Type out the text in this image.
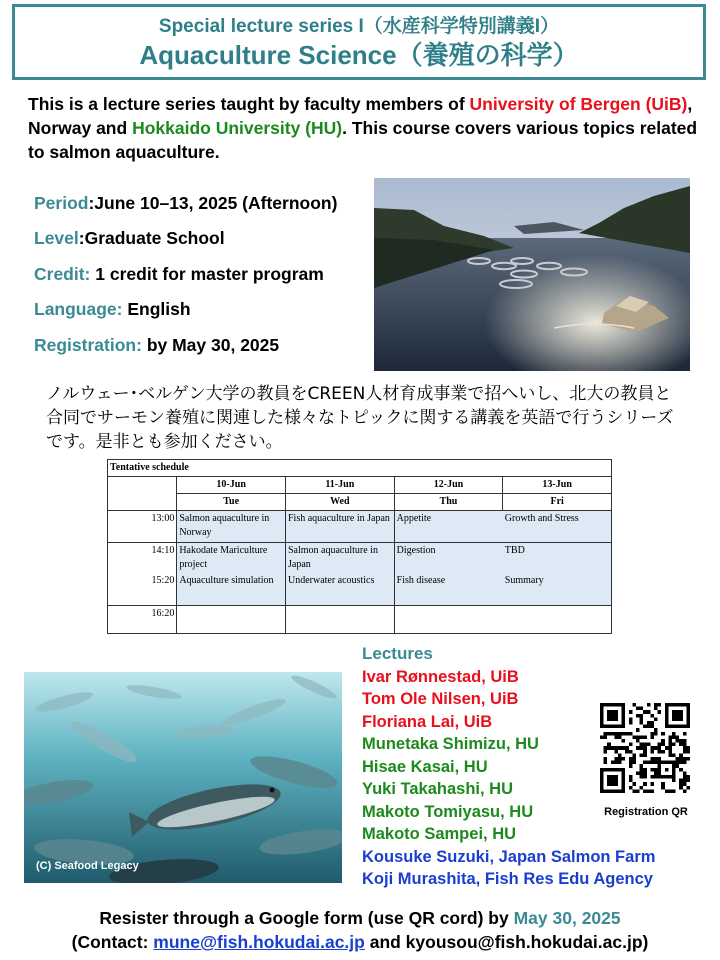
Special lecture series I（水産科学特別講義I）
Aquaculture Science（養殖の科学）
This is a lecture series taught by faculty members of University of Bergen (UiB), Norway and Hokkaido University (HU). This course covers various topics related to salmon aquaculture.
Period:June 10–13, 2025 (Afternoon)
Level:Graduate School
Credit: 1 credit for master program
Language: English
Registration: by May 30, 2025
ノルウェー･ベルゲン大学の教員をCREEN人材育成事業で招へいし、北大の教員と合同でサーモン養殖に関連した様々なトピックに関する講義を英語で行うシリーズです。是非とも参加ください。
Tentative schedule				
	10-Jun	11-Jun	12-Jun	13-Jun
	Tue	Wed	Thu	Fri
13:00	Salmon aquaculture in Norway	Fish aquaculture in Japan	Appetite	Growth and Stress
14:10	Hakodate Mariculture project	Salmon aquaculture in Japan	Digestion	TBD
15:20	Aquaculture simulation	Underwater acoustics	Fish disease	Summary
16:20				
(C) Seafood Legacy
Lectures
Ivar Rønnestad, UiB
Tom Ole Nilsen, UiB
Floriana Lai, UiB
Munetaka Shimizu, HU
Hisae Kasai, HU
Yuki Takahashi, HU
Makoto Tomiyasu, HU
Makoto Sampei, HU
Kousuke Suzuki, Japan Salmon Farm
Koji Murashita, Fish Res Edu Agency
Registration QR
Resister through a Google form (use QR cord) by May 30, 2025
(Contact: mune@fish.hokudai.ac.jp and kyousou@fish.hokudai.ac.jp)
